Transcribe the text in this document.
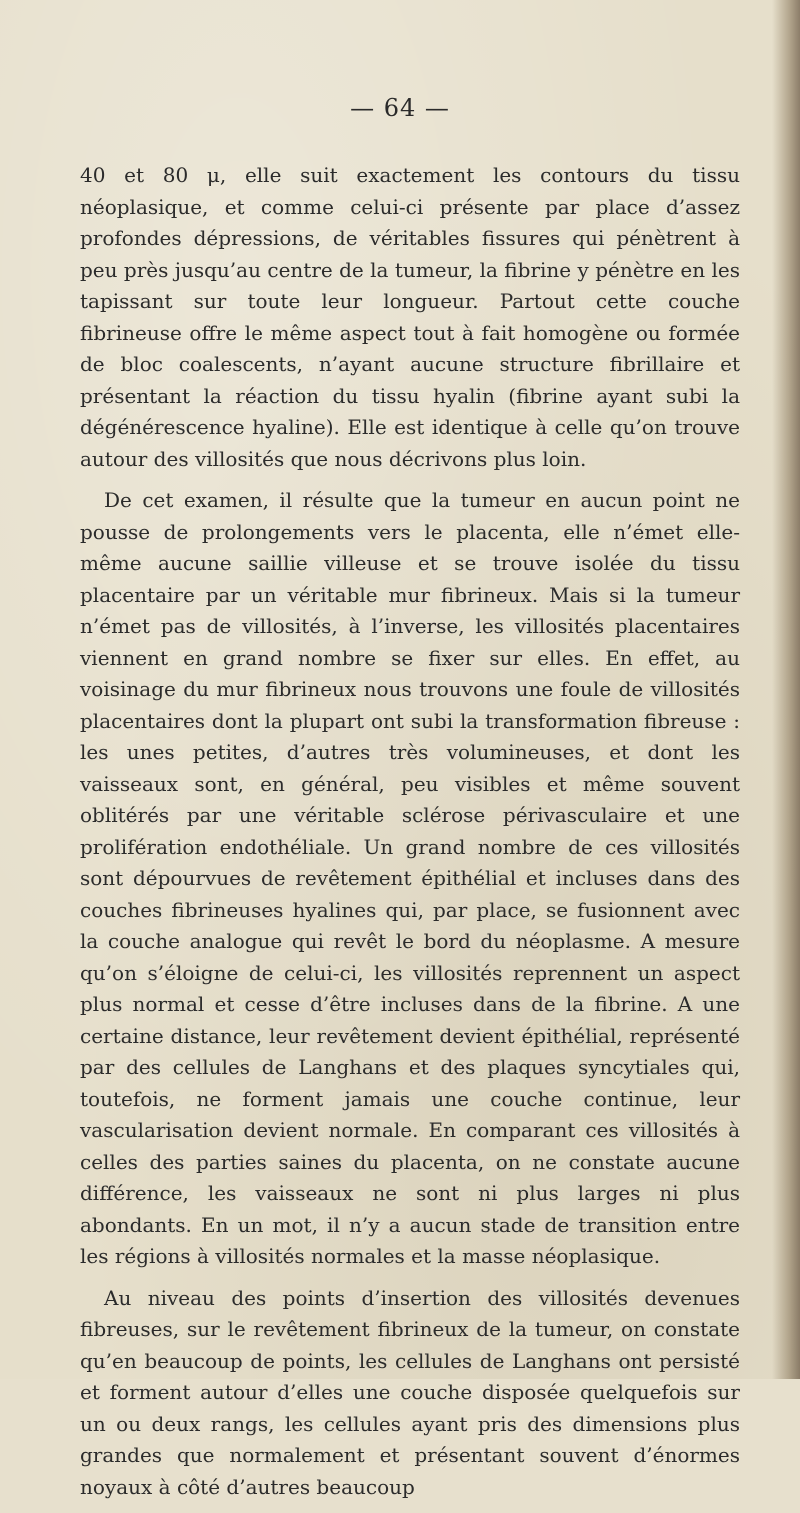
— 64 —

40 et 80 μ, elle suit exactement les contours du tissu néoplasique, et comme celui-ci présente par place d’assez profondes dépressions, de véritables fissures qui pénètrent à peu près jusqu’au centre de la tumeur, la fibrine y pénètre en les tapissant sur toute leur longueur. Partout cette couche fibrineuse offre le même aspect tout à fait homogène ou formée de bloc coalescents, n’ayant aucune structure fibrillaire et présentant la réaction du tissu hyalin (fibrine ayant subi la dégénérescence hyaline). Elle est identique à celle qu’on trouve autour des villosités que nous décrivons plus loin.

De cet examen, il résulte que la tumeur en aucun point ne pousse de prolongements vers le placenta, elle n’émet elle-même aucune saillie villeuse et se trouve isolée du tissu placentaire par un véritable mur fibrineux. Mais si la tumeur n’émet pas de villosités, à l’inverse, les villosités placentaires viennent en grand nombre se fixer sur elles. En effet, au voisinage du mur fibrineux nous trouvons une foule de villosités placentaires dont la plupart ont subi la transformation fibreuse : les unes petites, d’autres très volumineuses, et dont les vaisseaux sont, en général, peu visibles et même souvent oblitérés par une véritable sclérose périvasculaire et une prolifération endothéliale. Un grand nombre de ces villosités sont dépourvues de revêtement épithélial et incluses dans des couches fibrineuses hyalines qui, par place, se fusionnent avec la couche analogue qui revêt le bord du néoplasme. A mesure qu’on s’éloigne de celui-ci, les villosités reprennent un aspect plus normal et cesse d’être incluses dans de la fibrine. A une certaine distance, leur revêtement devient épithélial, représenté par des cellules de Langhans et des plaques syncytiales qui, toutefois, ne forment jamais une couche continue, leur vascularisation devient normale. En comparant ces villosités à celles des parties saines du placenta, on ne constate aucune différence, les vaisseaux ne sont ni plus larges ni plus abondants. En un mot, il n’y a aucun stade de transition entre les régions à villosités normales et la masse néoplasique.

Au niveau des points d’insertion des villosités devenues fibreuses, sur le revêtement fibrineux de la tumeur, on constate qu’en beaucoup de points, les cellules de Langhans ont persisté et forment autour d’elles une couche disposée quelquefois sur un ou deux rangs, les cellules ayant pris des dimensions plus grandes que normalement et présentant souvent d’énormes noyaux à côté d’autres beaucoup
